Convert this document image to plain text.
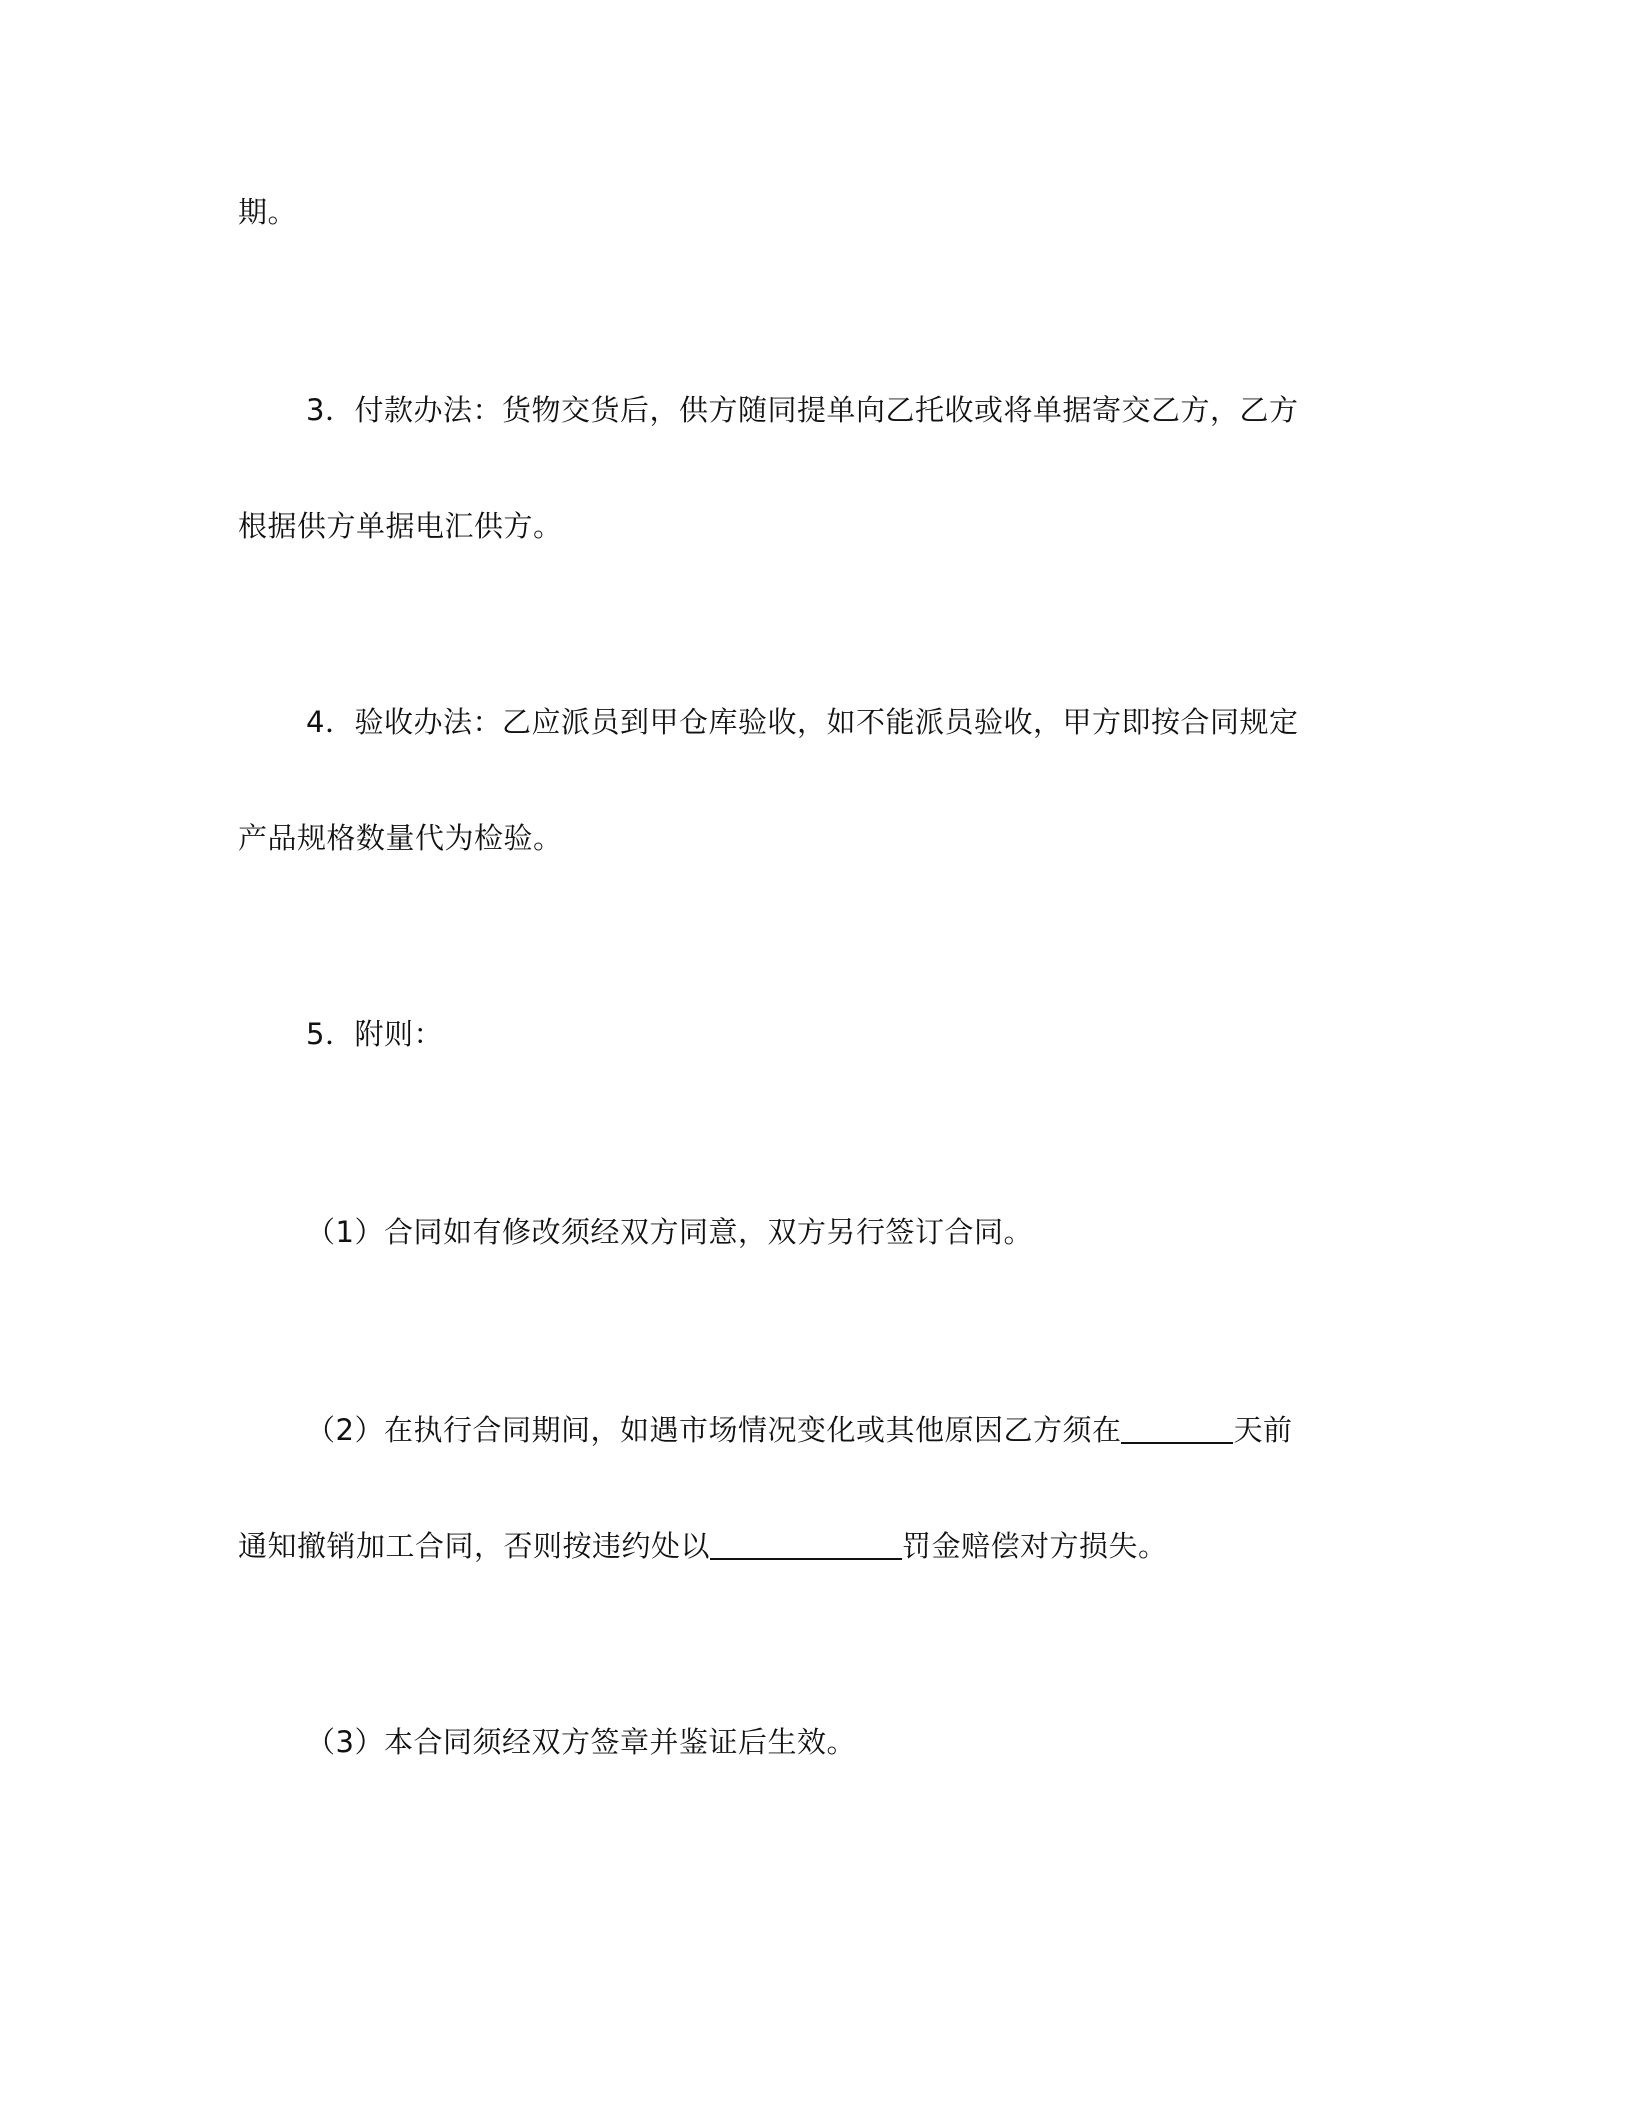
期。
3．付款办法：货物交货后，供方随同提单向乙托收或将单据寄交乙方，乙方
根据供方单据电汇供方。
4．验收办法：乙应派员到甲仓库验收，如不能派员验收，甲方即按合同规定
产品规格数量代为检验。
5．附则：
（1）合同如有修改须经双方同意，双方另行签订合同。
（2）在执行合同期间，如遇市场情况变化或其他原因乙方须在	天前
通知撤销加工合同，否则按违约处以	罚金赔偿对方损失。
（3）本合同须经双方签章并鉴证后生效。
